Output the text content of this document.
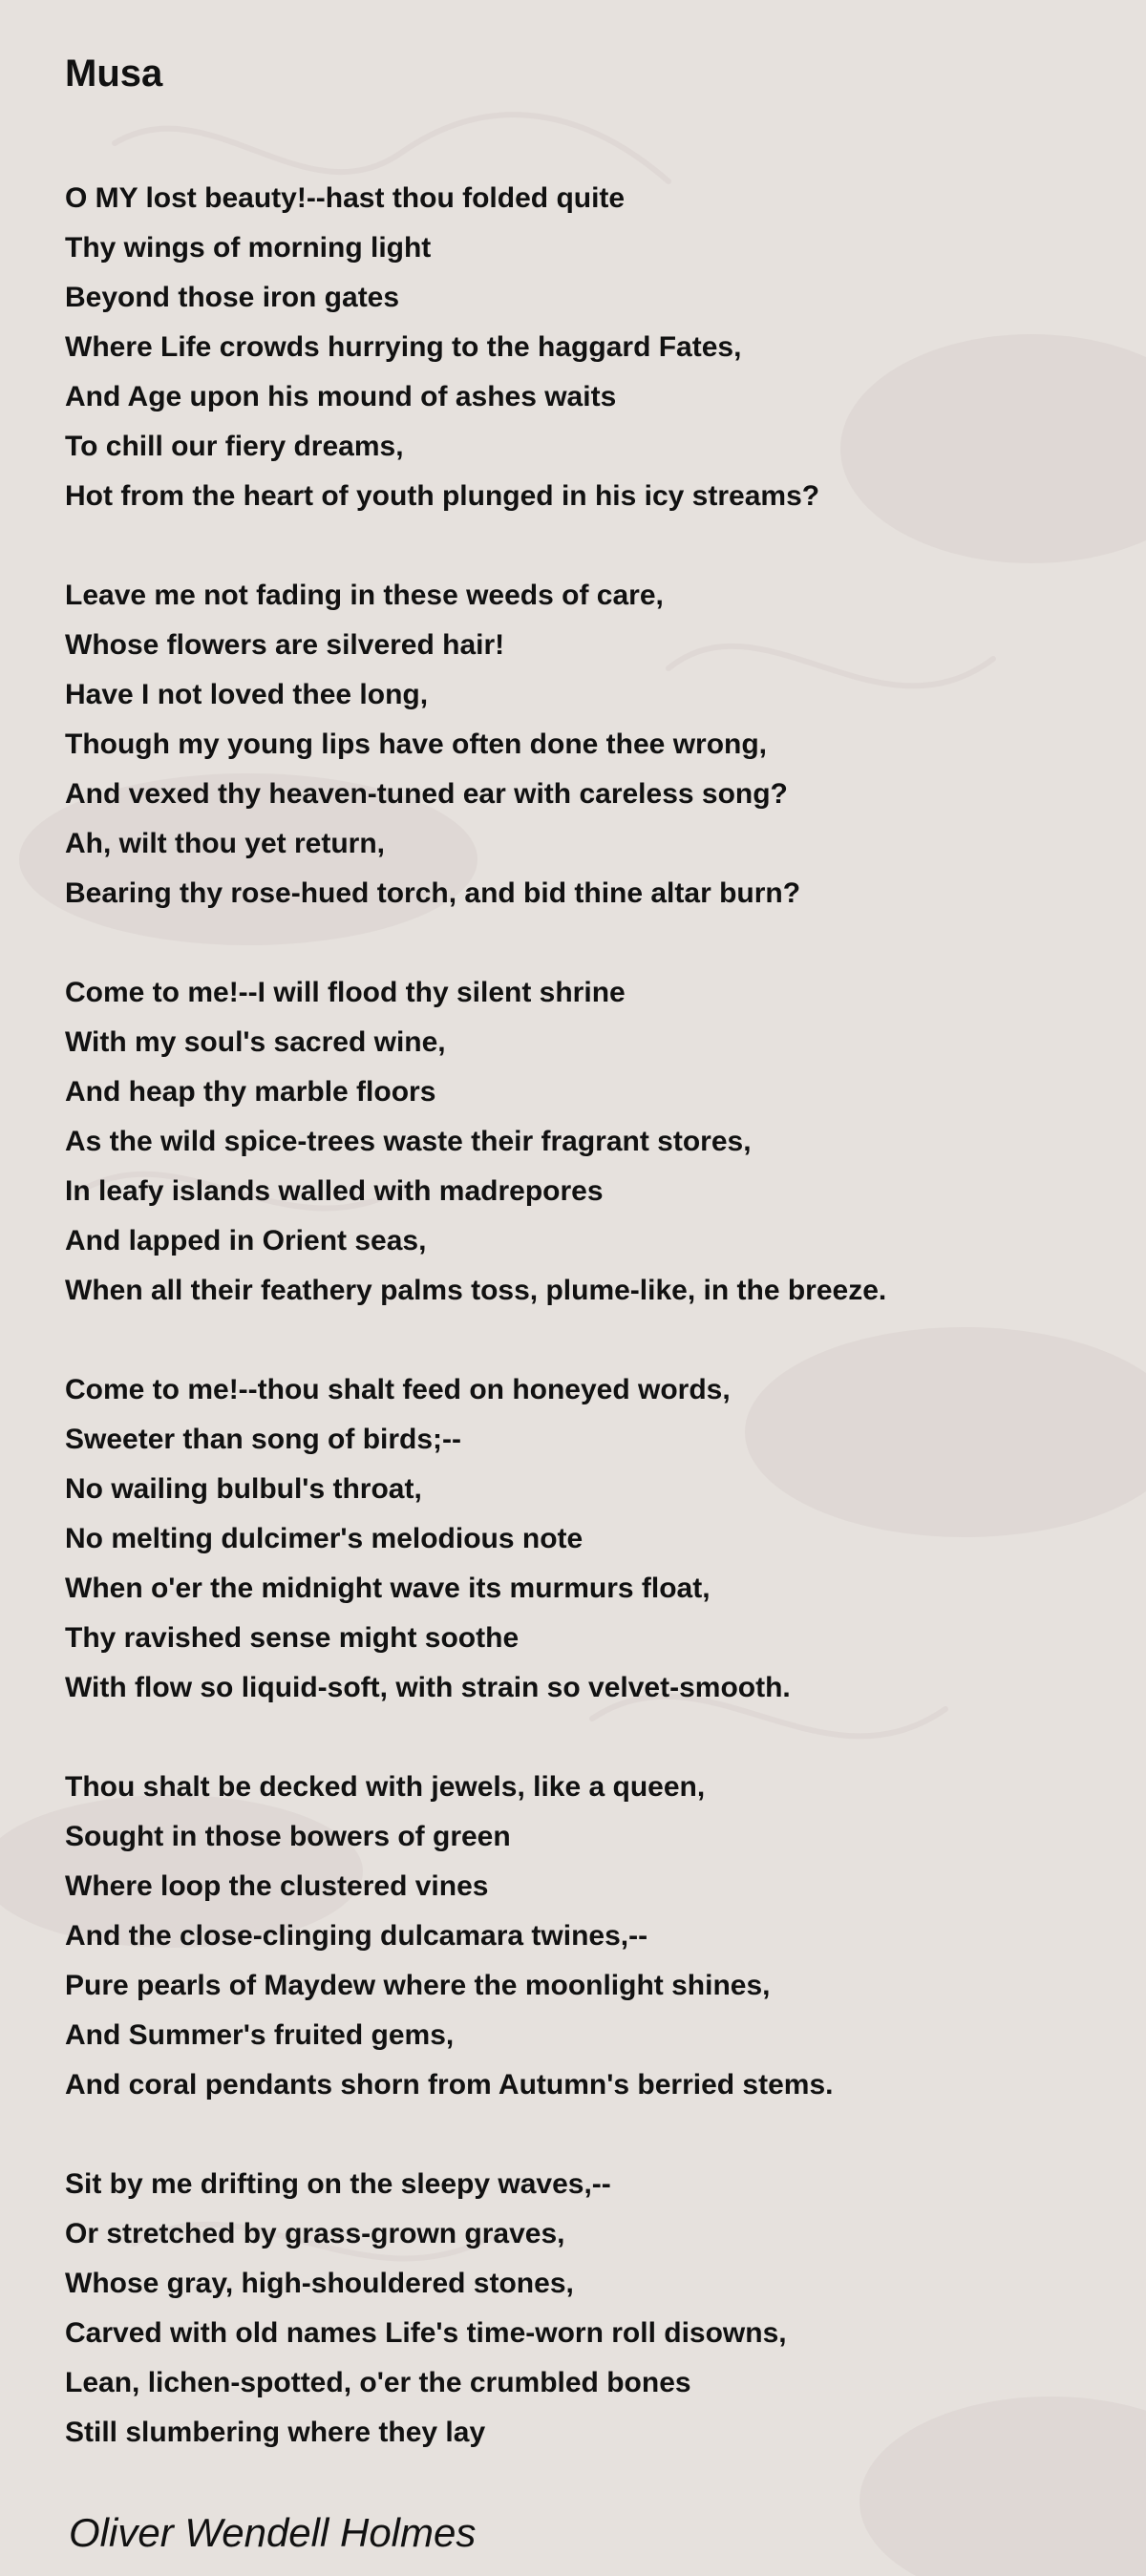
Musa
O MY lost beauty!--hast thou folded quite
Thy wings of morning light
Beyond those iron gates
Where Life crowds hurrying to the haggard Fates,
And Age upon his mound of ashes waits
To chill our fiery dreams,
Hot from the heart of youth plunged in his icy streams?
Leave me not fading in these weeds of care,
Whose flowers are silvered hair!
Have I not loved thee long,
Though my young lips have often done thee wrong,
And vexed thy heaven-tuned ear with careless song?
Ah, wilt thou yet return,
Bearing thy rose-hued torch, and bid thine altar burn?
Come to me!--I will flood thy silent shrine
With my soul's sacred wine,
And heap thy marble floors
As the wild spice-trees waste their fragrant stores,
In leafy islands walled with madrepores
And lapped in Orient seas,
When all their feathery palms toss, plume-like, in the breeze.
Come to me!--thou shalt feed on honeyed words,
Sweeter than song of birds;--
No wailing bulbul's throat,
No melting dulcimer's melodious note
When o'er the midnight wave its murmurs float,
Thy ravished sense might soothe
With flow so liquid-soft, with strain so velvet-smooth.
Thou shalt be decked with jewels, like a queen,
Sought in those bowers of green
Where loop the clustered vines
And the close-clinging dulcamara twines,--
Pure pearls of Maydew where the moonlight shines,
And Summer's fruited gems,
And coral pendants shorn from Autumn's berried stems.
Sit by me drifting on the sleepy waves,--
Or stretched by grass-grown graves,
Whose gray, high-shouldered stones,
Carved with old names Life's time-worn roll disowns,
Lean, lichen-spotted, o'er the crumbled bones
Still slumbering where they lay
Oliver Wendell Holmes
